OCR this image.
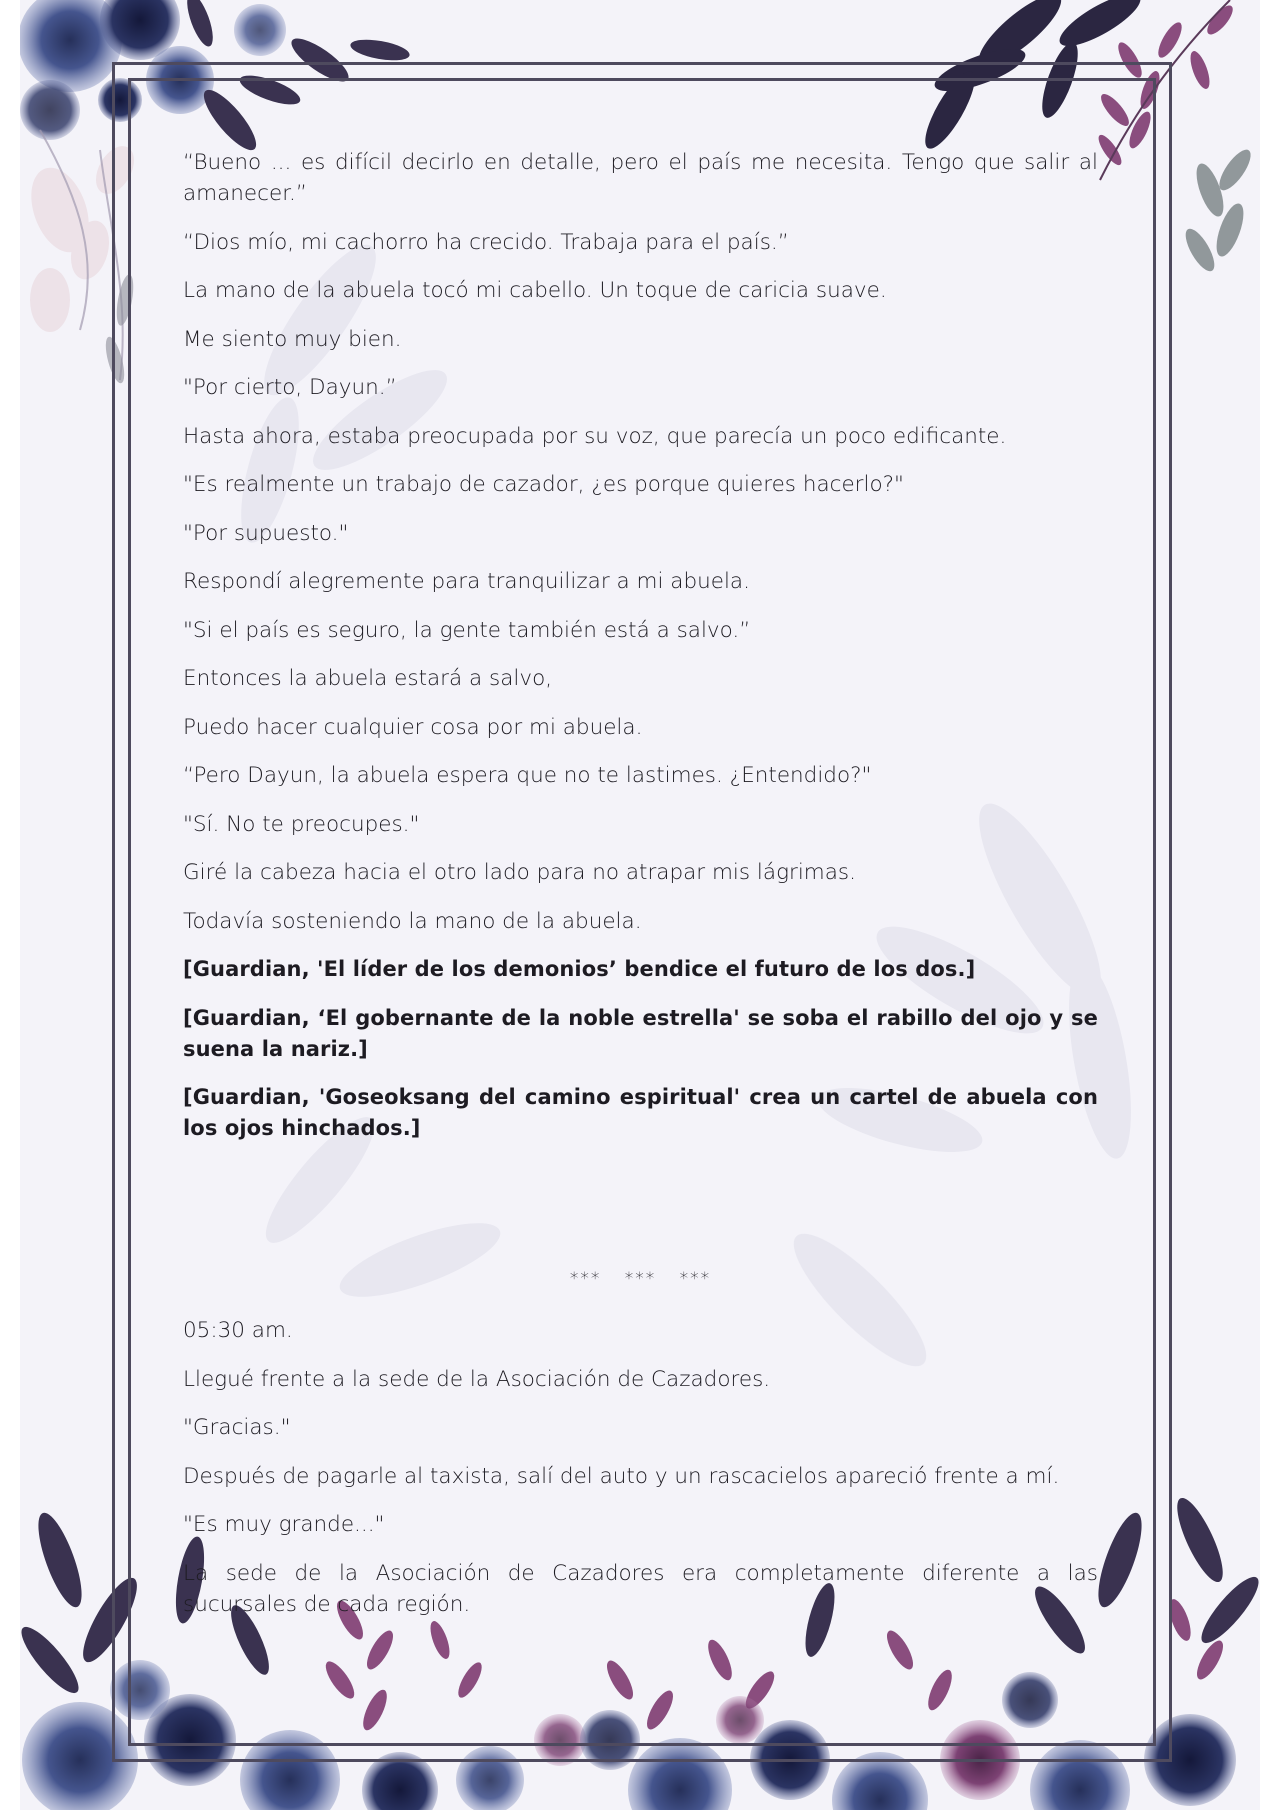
“Bueno ... es difícil decirlo en detalle, pero el país me necesita. Tengo que salir al amanecer.”

“Dios mío, mi cachorro ha crecido. Trabaja para el país.”

La mano de la abuela tocó mi cabello. Un toque de caricia suave.

Me siento muy bien.

"Por cierto, Dayun.”

Hasta ahora, estaba preocupada por su voz, que parecía un poco edificante.

"Es realmente un trabajo de cazador, ¿es porque quieres hacerlo?"

"Por supuesto."

Respondí alegremente para tranquilizar a mi abuela.

"Si el país es seguro, la gente también está a salvo.”

Entonces la abuela estará a salvo,

Puedo hacer cualquier cosa por mi abuela.

“Pero Dayun, la abuela espera que no te lastimes. ¿Entendido?"

"Sí. No te preocupes."

Giré la cabeza hacia el otro lado para no atrapar mis lágrimas.

Todavía sosteniendo la mano de la abuela.

[Guardian, 'El líder de los demonios’ bendice el futuro de los dos.]

[Guardian, ‘El gobernante de la noble estrella' se soba el rabillo del ojo y se suena la nariz.]

[Guardian, 'Goseoksang del camino espiritual' crea un cartel de abuela con los ojos hinchados.]

*** *** ***

05:30 am.

Llegué frente a la sede de la Asociación de Cazadores.

"Gracias."

Después de pagarle al taxista, salí del auto y un rascacielos apareció frente a mí.

"Es muy grande..."

La sede de la Asociación de Cazadores era completamente diferente a las sucursales de cada región.
